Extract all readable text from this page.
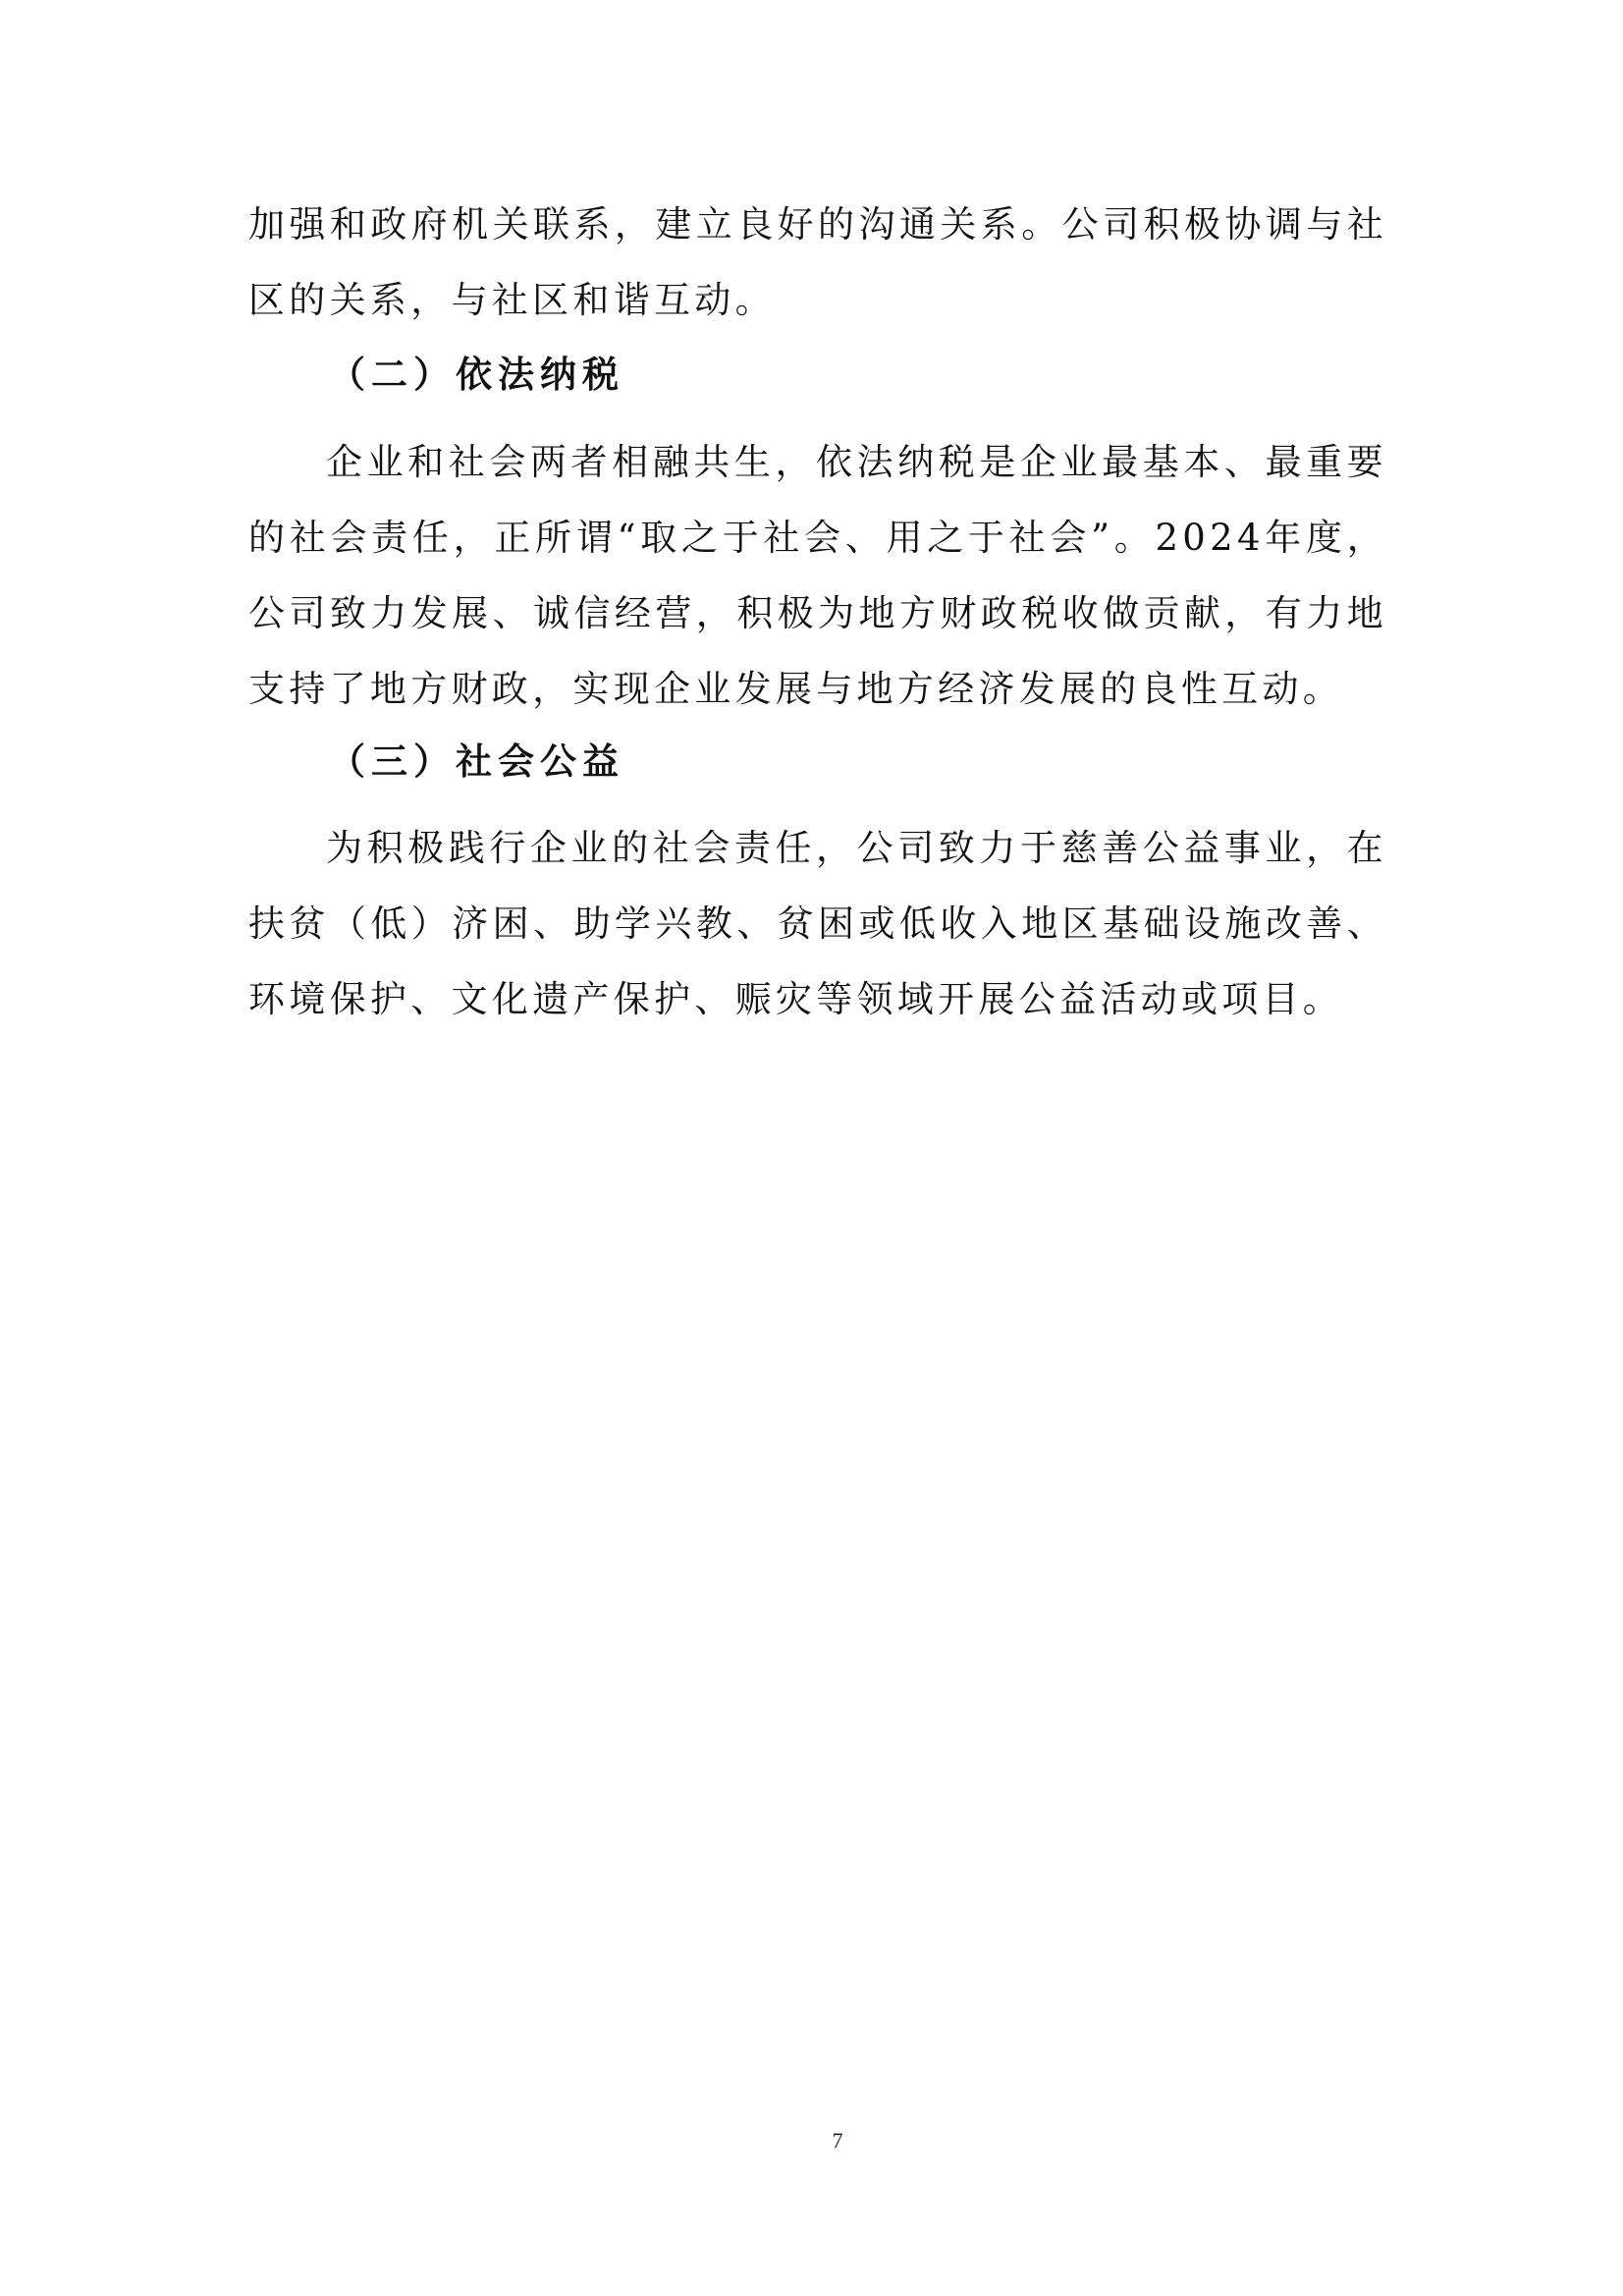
加强和政府机关联系，建立良好的沟通关系。公司积极协调与社区的关系，与社区和谐互动。

（二）依法纳税

企业和社会两者相融共生，依法纳税是企业最基本、最重要的社会责任，正所谓“取之于社会、用之于社会”。2024年度，公司致力发展、诚信经营，积极为地方财政税收做贡献，有力地支持了地方财政，实现企业发展与地方经济发展的良性互动。

（三）社会公益

为积极践行企业的社会责任，公司致力于慈善公益事业，在扶贫（低）济困、助学兴教、贫困或低收入地区基础设施改善、环境保护、文化遗产保护、赈灾等领域开展公益活动或项目。

7
